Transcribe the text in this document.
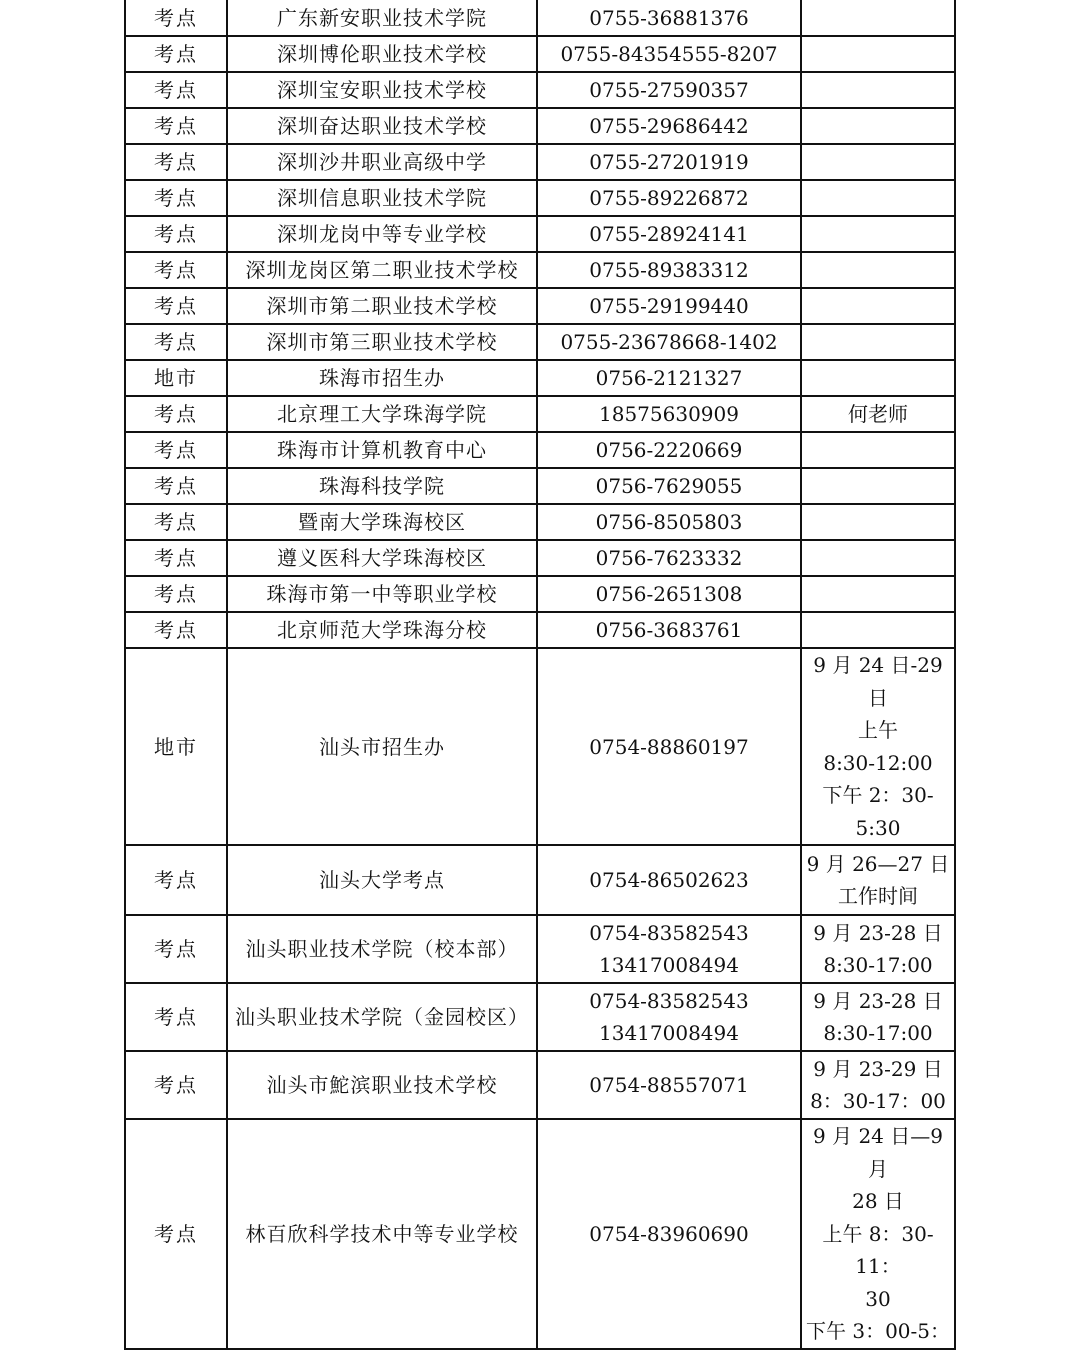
考点	广东新安职业技术学院	0755-36881376	

考点	深圳博伦职业技术学校	0755-84354555-8207	

考点	深圳宝安职业技术学校	0755-27590357	

考点	深圳奋达职业技术学校	0755-29686442	

考点	深圳沙井职业高级中学	0755-27201919	

考点	深圳信息职业技术学院	0755-89226872	

考点	深圳龙岗中等专业学校	0755-28924141	

考点	深圳龙岗区第二职业技术学校	0755-89383312	

考点	深圳市第二职业技术学校	0755-29199440	

考点	深圳市第三职业技术学校	0755-23678668-1402	

地市	珠海市招生办	0756-2121327	

考点	北京理工大学珠海学院	18575630909	何老师

考点	珠海市计算机教育中心	0756-2220669	

考点	珠海科技学院	0756-7629055	

考点	暨南大学珠海校区	0756-8505803	

考点	遵义医科大学珠海校区	0756-7623332	

考点	珠海市第一中等职业学校	0756-2651308	

考点	北京师范大学珠海分校	0756-3683761	

地市	汕头市招生办	0754-88860197	9 月 24 日-29 日
上午
8:30-12:00
下午 2：30-5:30

考点	汕头大学考点	0754-86502623	9 月 26—27 日
工作时间

考点	汕头职业技术学院（校本部）	0754-83582543
13417008494	9 月 23-28 日
8:30-17:00

考点	汕头职业技术学院（金园校区）	0754-83582543
13417008494	9 月 23-28 日
8:30-17:00

考点	汕头市鮀滨职业技术学校	0754-88557071	9 月 23-29 日
8：30-17：00

考点	林百欣科学技术中等专业学校	0754-83960690	9 月 24 日—9 月
28 日
上午 8：30-11：
30
下午 3：00-5：
